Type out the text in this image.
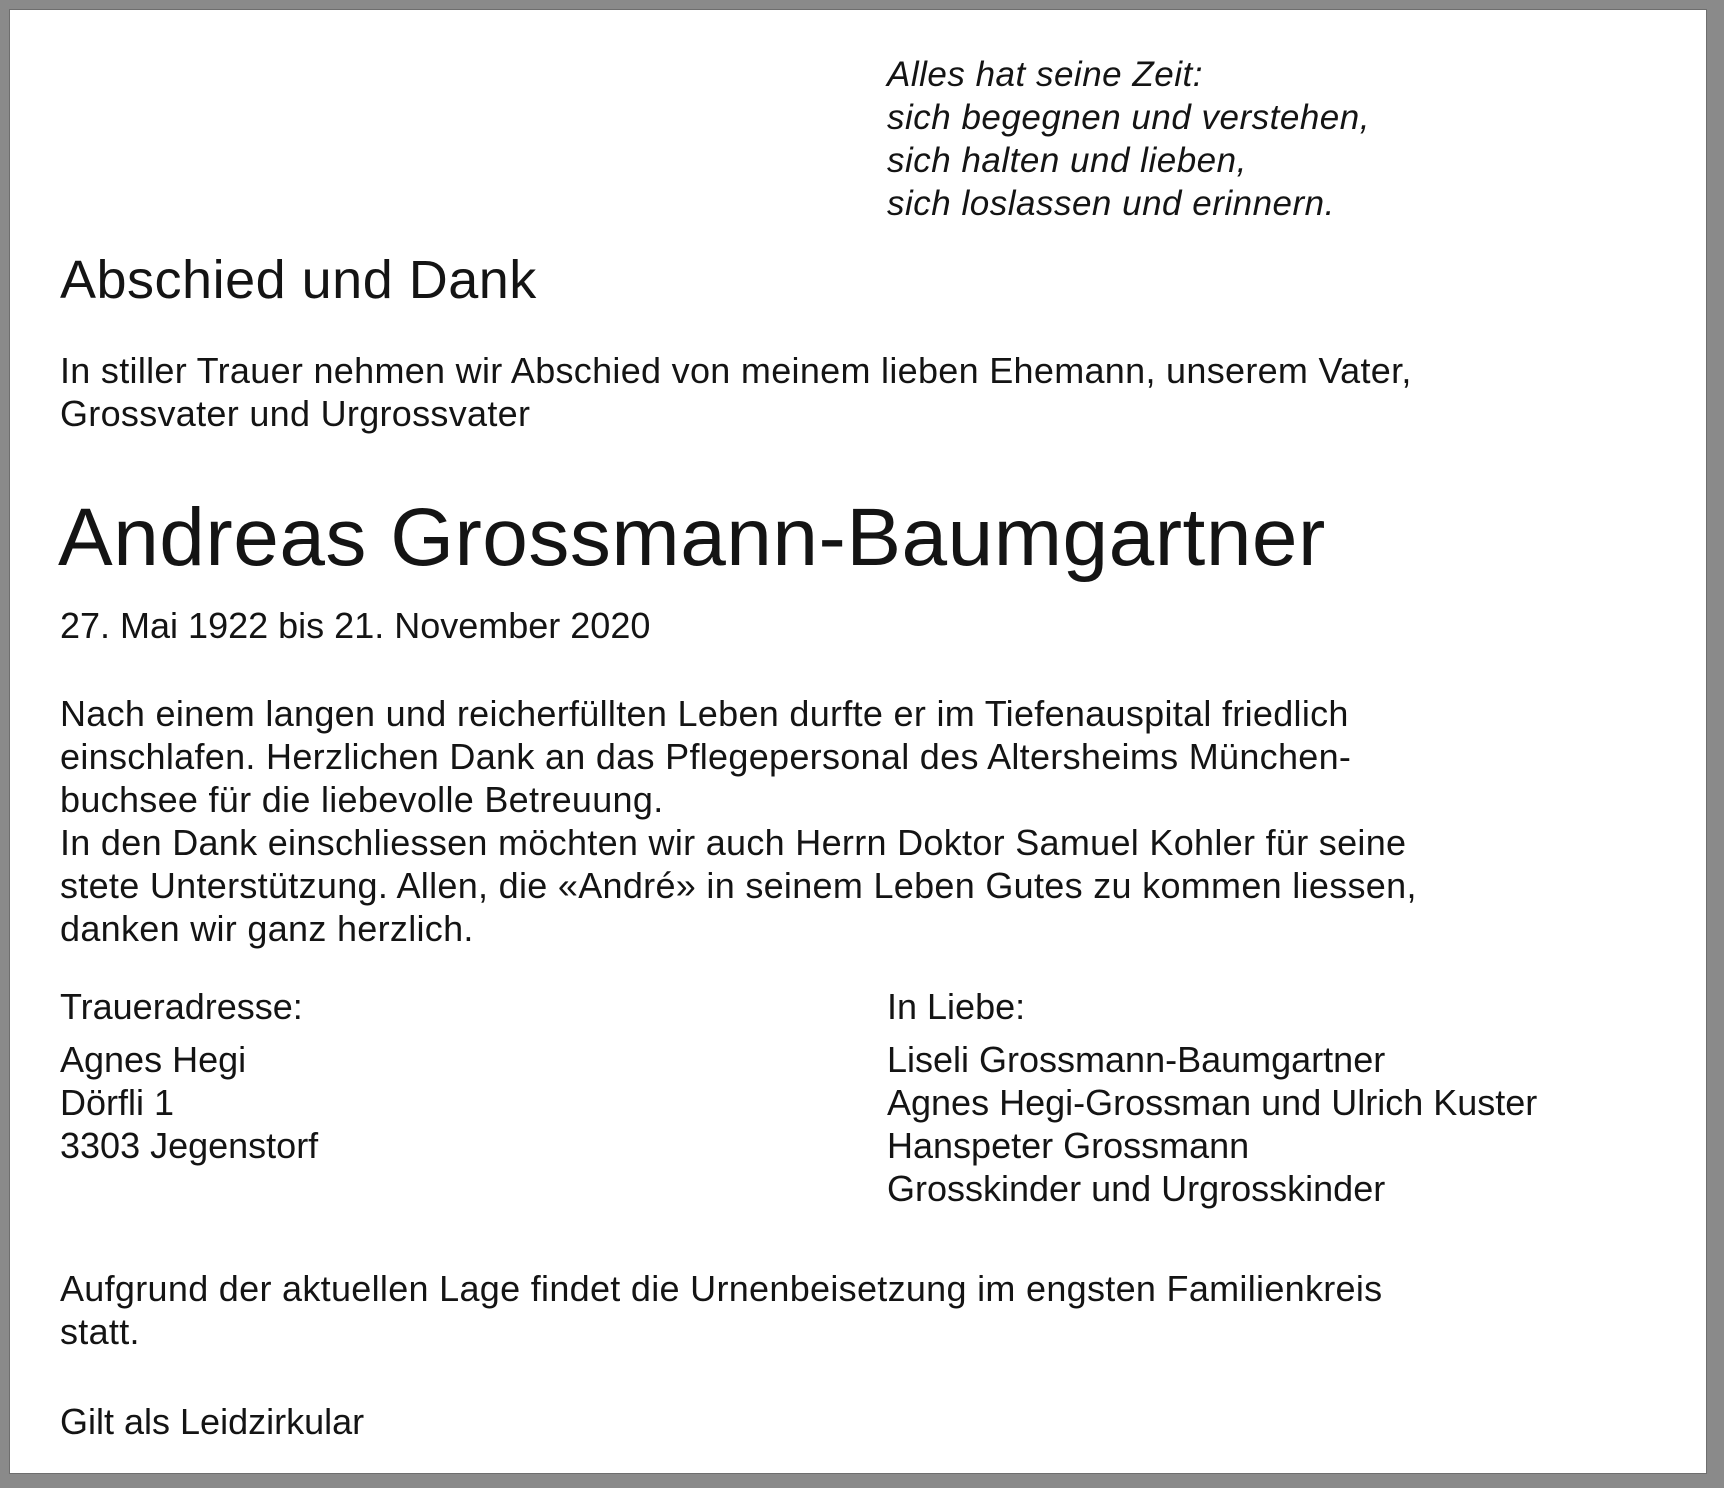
Alles hat seine Zeit:
sich begegnen und verstehen,
sich halten und lieben,
sich loslassen und erinnern.
Abschied und Dank
In stiller Trauer nehmen wir Abschied von meinem lieben Ehemann, unserem Vater,
Grossvater und Urgrossvater
Andreas Grossmann-Baumgartner
27. Mai 1922 bis 21. November 2020
Nach einem langen und reicherfüllten Leben durfte er im Tiefenauspital friedlich
einschlafen. Herzlichen Dank an das Pflegepersonal des Altersheims München-
buchsee für die liebevolle Betreuung.
In den Dank einschliessen möchten wir auch Herrn Doktor Samuel Kohler für seine
stete Unterstützung. Allen, die «André» in seinem Leben Gutes zu kommen liessen,
danken wir ganz herzlich.
Traueradresse:
Agnes Hegi
Dörfli 1
3303 Jegenstorf
In Liebe:
Liseli Grossmann-Baumgartner
Agnes Hegi-Grossman und Ulrich Kuster
Hanspeter Grossmann
Grosskinder und Urgrosskinder
Aufgrund der aktuellen Lage findet die Urnenbeisetzung im engsten Familienkreis
statt.
Gilt als Leidzirkular
